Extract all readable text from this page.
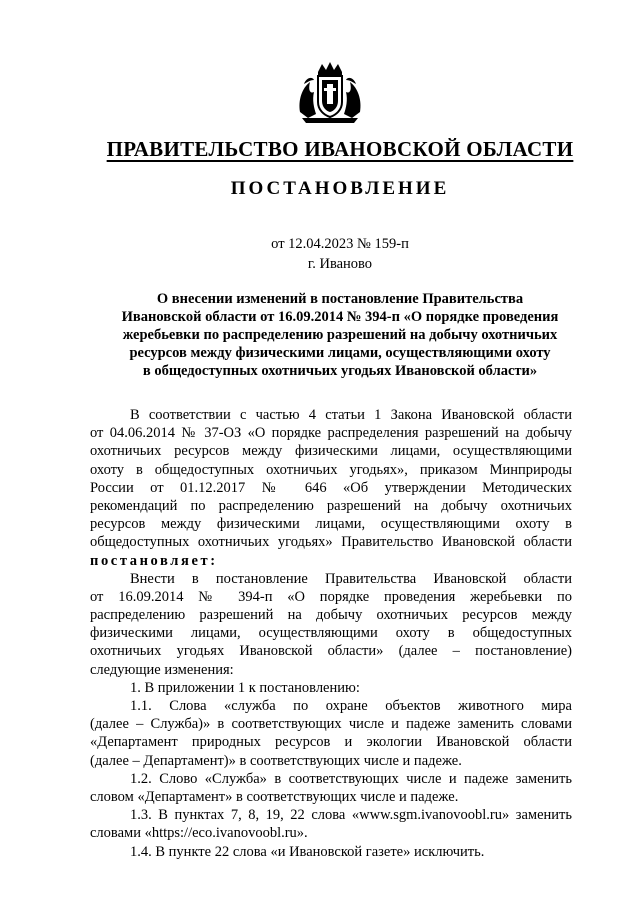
ПРАВИТЕЛЬСТВО ИВАНОВСКОЙ ОБЛАСТИ
ПОСТАНОВЛЕНИЕ
от 12.04.2023 № 159-п
г. Иваново
О внесении изменений в постановление Правительства
Ивановской области от 16.09.2014 № 394-п «О порядке проведения
жеребьевки по распределению разрешений на добычу охотничьих
ресурсов между физическими лицами, осуществляющими охоту
в общедоступных охотничьих угодьях Ивановской области»
В соответствии с частью 4 статьи 1 Закона Ивановской области
от 04.06.2014 № 37-ОЗ «О порядке распределения разрешений на добычу
охотничьих ресурсов между физическими лицами, осуществляющими
охоту в общедоступных охотничьих угодьях», приказом Минприроды
России от 01.12.2017 № 646 «Об утверждении Методических
рекомендаций по распределению разрешений на добычу охотничьих
ресурсов между физическими лицами, осуществляющими охоту в
общедоступных охотничьих угодьях» Правительство Ивановской области
постановляет:
Внести в постановление Правительства Ивановской области
от 16.09.2014 № 394-п «О порядке проведения жеребьевки по
распределению разрешений на добычу охотничьих ресурсов между
физическими лицами, осуществляющими охоту в общедоступных
охотничьих угодьях Ивановской области» (далее – постановление)
следующие изменения:
1. В приложении 1 к постановлению:
1.1. Слова «служба по охране объектов животного мира
(далее – Служба)» в соответствующих числе и падеже заменить словами
«Департамент природных ресурсов и экологии Ивановской области
(далее – Департамент)» в соответствующих числе и падеже.
1.2. Слово «Служба» в соответствующих числе и падеже заменить
словом «Департамент» в соответствующих числе и падеже.
1.3. В пунктах 7, 8, 19, 22 слова «www.sgm.ivanovoobl.ru» заменить
словами «https://eco.ivanovoobl.ru».
1.4. В пункте 22 слова «и Ивановской газете» исключить.
